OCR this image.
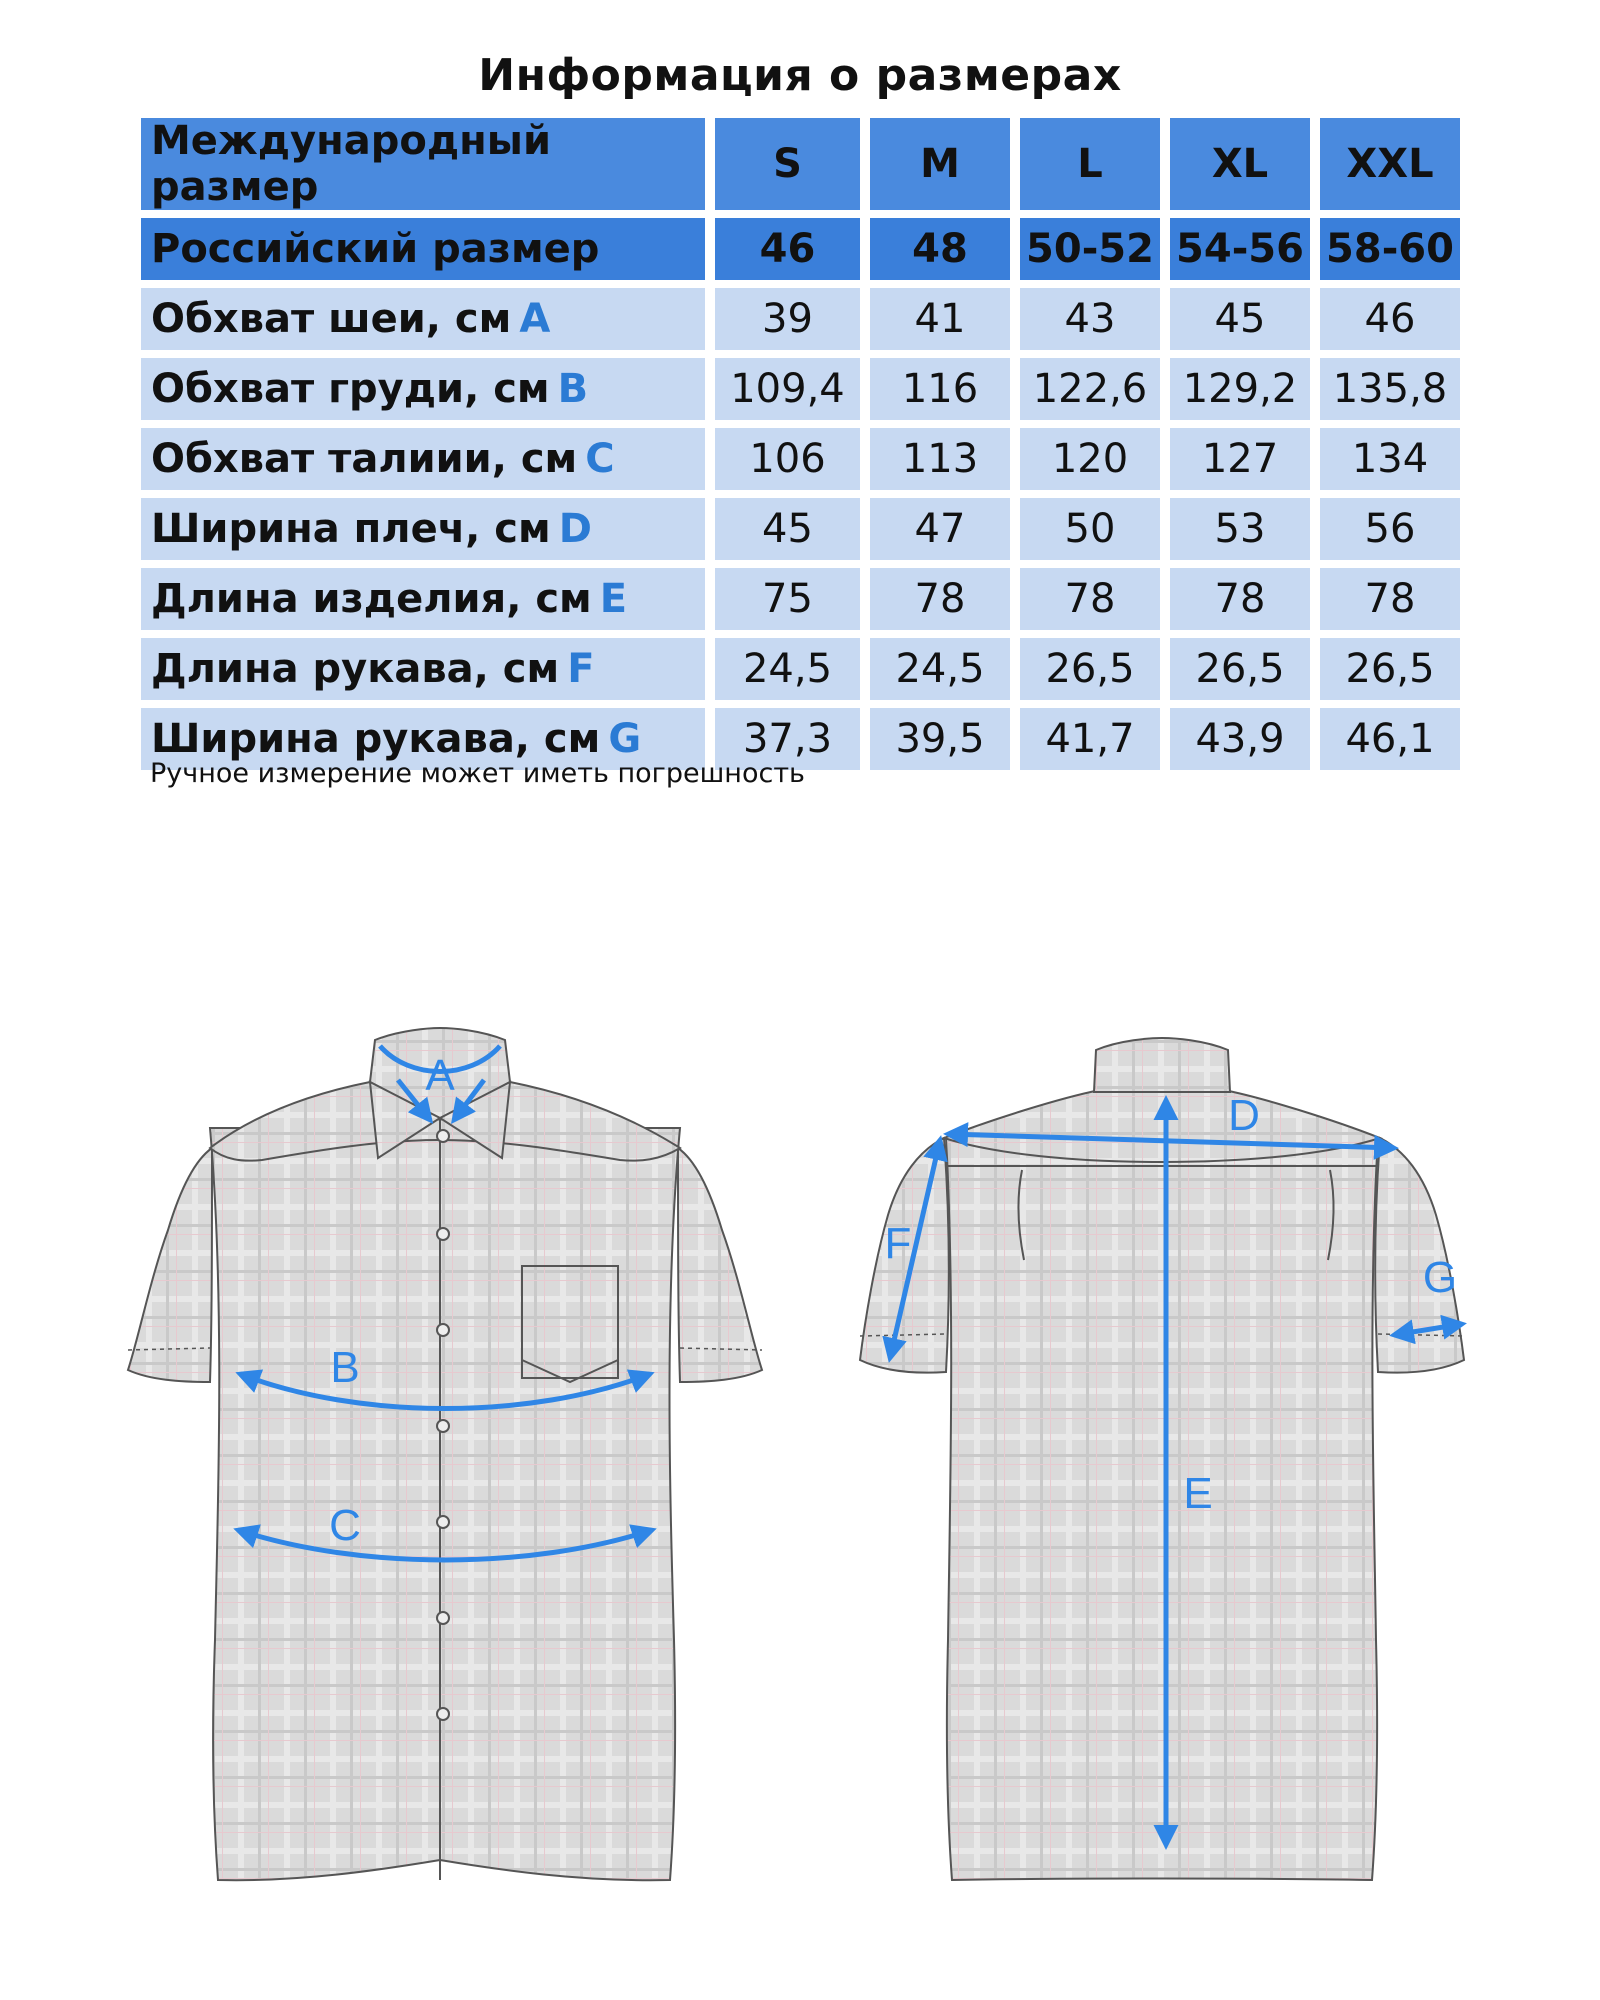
Информация о размерах
Международный размер	S	M	L	XL	XXL
Российский размер	46	48	50-52	54-56	58-60
Обхват шеи, см A	39	41	43	45	46
Обхват груди, см B	109,4	116	122,6	129,2	135,8
Обхват талиии, см C	106	113	120	127	134
Ширина плеч, см D	45	47	50	53	56
Длина изделия, см E	75	78	78	78	78
Длина рукава, см F	24,5	24,5	26,5	26,5	26,5
Ширина рукава, см G	37,3	39,5	41,7	43,9	46,1
Ручное измерение может иметь погрешность
A
B
C
D
E
F
G
